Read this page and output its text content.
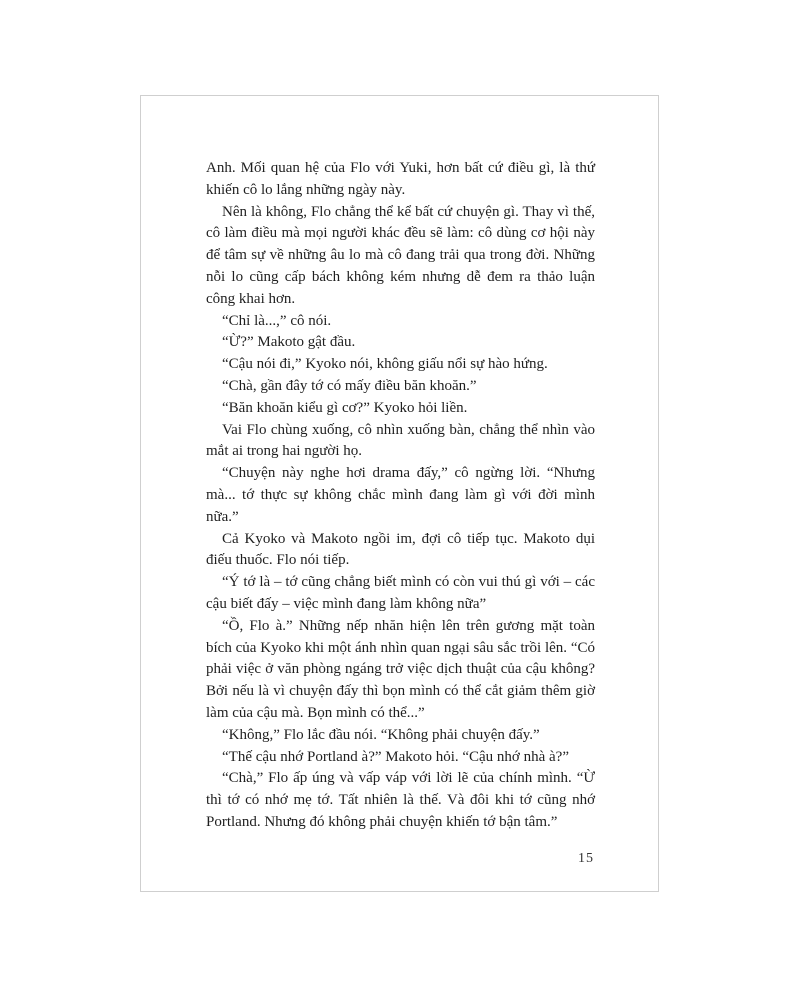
Anh. Mối quan hệ của Flo với Yuki, hơn bất cứ điều gì, là thứ khiến cô lo lắng những ngày này.

Nên là không, Flo chẳng thể kể bất cứ chuyện gì. Thay vì thế, cô làm điều mà mọi người khác đều sẽ làm: cô dùng cơ hội này để tâm sự về những âu lo mà cô đang trải qua trong đời. Những nỗi lo cũng cấp bách không kém nhưng dễ đem ra thảo luận công khai hơn.

“Chỉ là...,” cô nói.

“Ừ?” Makoto gật đầu.

“Cậu nói đi,” Kyoko nói, không giấu nổi sự hào hứng.

“Chà, gần đây tớ có mấy điều băn khoăn.”

“Băn khoăn kiểu gì cơ?” Kyoko hỏi liền.

Vai Flo chùng xuống, cô nhìn xuống bàn, chẳng thể nhìn vào mắt ai trong hai người họ.

“Chuyện này nghe hơi drama đấy,” cô ngừng lời. “Nhưng mà... tớ thực sự không chắc mình đang làm gì với đời mình nữa.”

Cả Kyoko và Makoto ngồi im, đợi cô tiếp tục. Makoto dụi điếu thuốc. Flo nói tiếp.

“Ý tớ là – tớ cũng chẳng biết mình có còn vui thú gì với – các cậu biết đấy – việc mình đang làm không nữa”

“Ồ, Flo à.” Những nếp nhăn hiện lên trên gương mặt toàn bích của Kyoko khi một ánh nhìn quan ngại sâu sắc trồi lên. “Có phải việc ở văn phòng ngáng trở việc dịch thuật của cậu không? Bởi nếu là vì chuyện đấy thì bọn mình có thể cắt giảm thêm giờ làm của cậu mà. Bọn mình có thể...”

“Không,” Flo lắc đầu nói. “Không phải chuyện đấy.”

“Thế cậu nhớ Portland à?” Makoto hỏi. “Cậu nhớ nhà à?”

“Chà,” Flo ấp úng và vấp váp với lời lẽ của chính mình. “Ừ thì tớ có nhớ mẹ tớ. Tất nhiên là thế. Và đôi khi tớ cũng nhớ Portland. Nhưng đó không phải chuyện khiến tớ bận tâm.”

15
